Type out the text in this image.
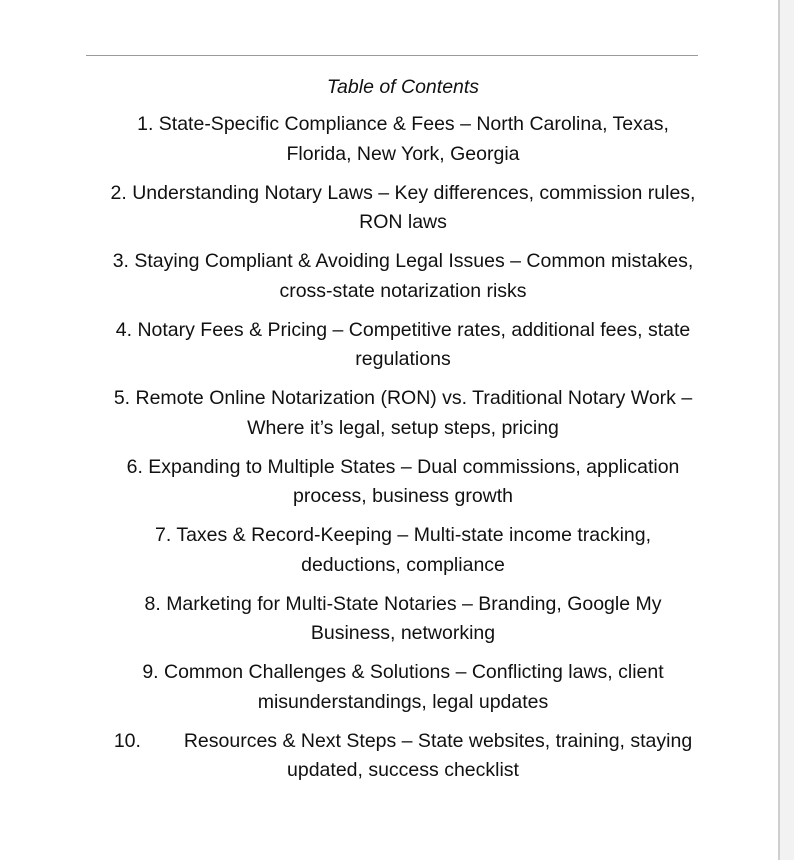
Table of Contents
1. State-Specific Compliance & Fees – North Carolina, Texas, Florida, New York, Georgia
2. Understanding Notary Laws – Key differences, commission rules, RON laws
3. Staying Compliant & Avoiding Legal Issues – Common mistakes, cross-state notarization risks
4. Notary Fees & Pricing – Competitive rates, additional fees, state regulations
5. Remote Online Notarization (RON) vs. Traditional Notary Work – Where it’s legal, setup steps, pricing
6. Expanding to Multiple States – Dual commissions, application process, business growth
7. Taxes & Record-Keeping – Multi-state income tracking, deductions, compliance
8. Marketing for Multi-State Notaries – Branding, Google My Business, networking
9. Common Challenges & Solutions – Conflicting laws, client misunderstandings, legal updates
10. Resources & Next Steps – State websites, training, staying updated, success checklist
